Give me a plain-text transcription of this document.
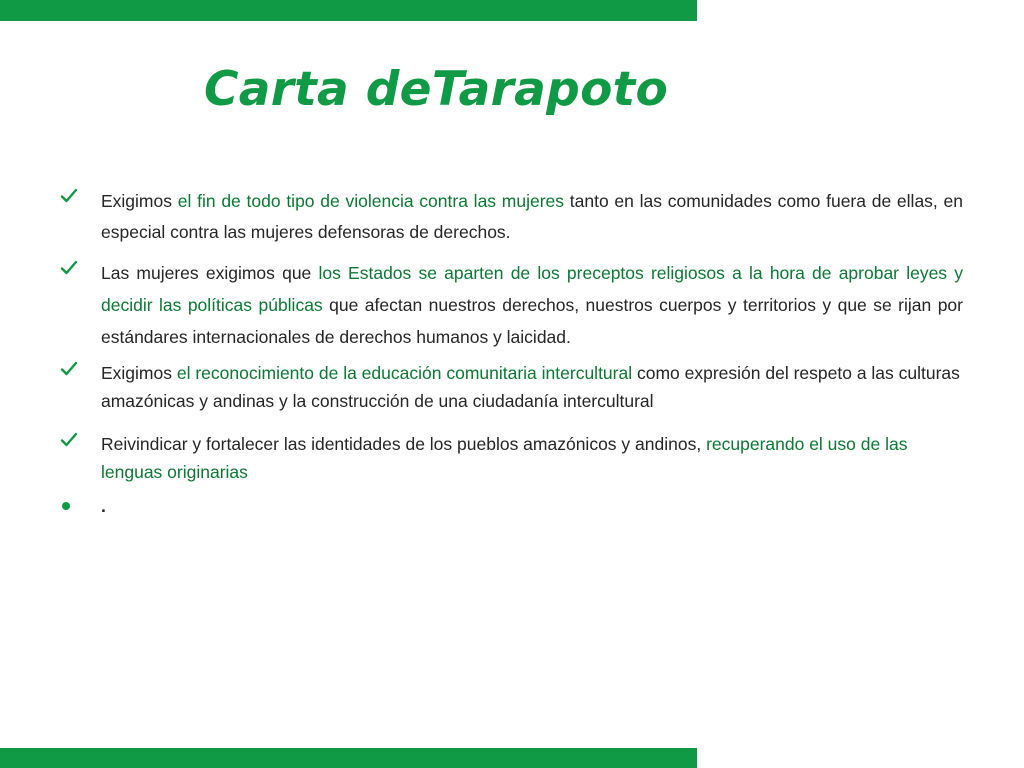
Carta deTarapoto

Exigimos el fin de todo tipo de violencia contra las mujeres tanto en las comunidades como fuera de ellas, en especial contra las mujeres defensoras de derechos.

Las mujeres exigimos que los Estados se aparten de los preceptos religiosos a la hora de aprobar leyes y decidir las políticas públicas que afectan nuestros derechos, nuestros cuerpos y territorios y que se rijan por estándares internacionales de derechos humanos y laicidad.

Exigimos el reconocimiento de la educación comunitaria intercultural como expresión del respeto a las culturas amazónicas y andinas y la construcción de una ciudadanía intercultural

Reivindicar y fortalecer las identidades de los pueblos amazónicos y andinos, recuperando el uso de las lenguas originarias

.
